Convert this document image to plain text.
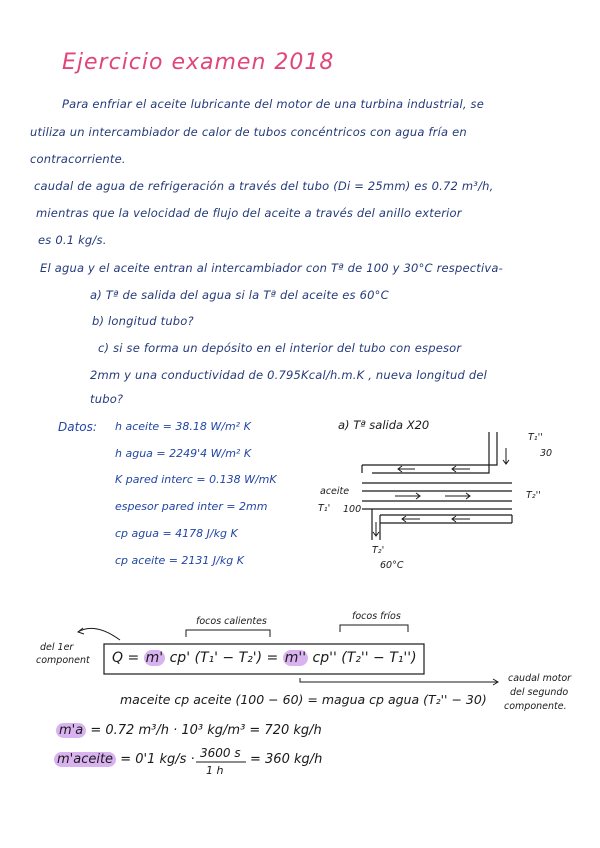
Ejercicio examen 2018
Para enfriar el aceite lubricante del motor de una turbina industrial, se
utiliza un intercambiador de calor de tubos concéntricos con agua fría en
contracorriente.
caudal de agua de refrigeración a través del tubo (Di = 25mm) es 0.72 m³/h,
mientras que la velocidad de flujo del aceite a través del anillo exterior
es 0.1 kg/s.
El agua y el aceite entran al intercambiador con Tª de 100 y 30°C respectiva-
a) Tª de salida del agua si la Tª del aceite es 60°C
b) longitud tubo?
c) si se forma un depósito en el interior del tubo con espesor
2mm y una conductividad de 0.795Kcal/h.m.K , nueva longitud del
tubo?
Datos: h aceite = 38.18 W/m² K
h agua = 2249'4 W/m² K
K pared interc = 0.138 W/mK
espesor pared inter = 2mm
cp agua = 4178 J/kg K
cp aceite = 2131 J/kg K
a) Tª salida X20
T₁''
30
aceite
T₁' 100
T₂''
T₂'
60°C
focos calientes	focos fríos
del 1er
component
caudal motor
del segundo
componente.
Q = m' cp' (T₁' − T₂') = m'' cp'' (T₂'' − T₁'')
maceite cp aceite (100 − 60) = magua cp agua (T₂'' − 30)
m'a = 0.72 m³/h · 10³ kg/m³ = 720 kg/h
m'aceite = 0'1 kg/s · 3600 s
1 h
= 360 kg/h
